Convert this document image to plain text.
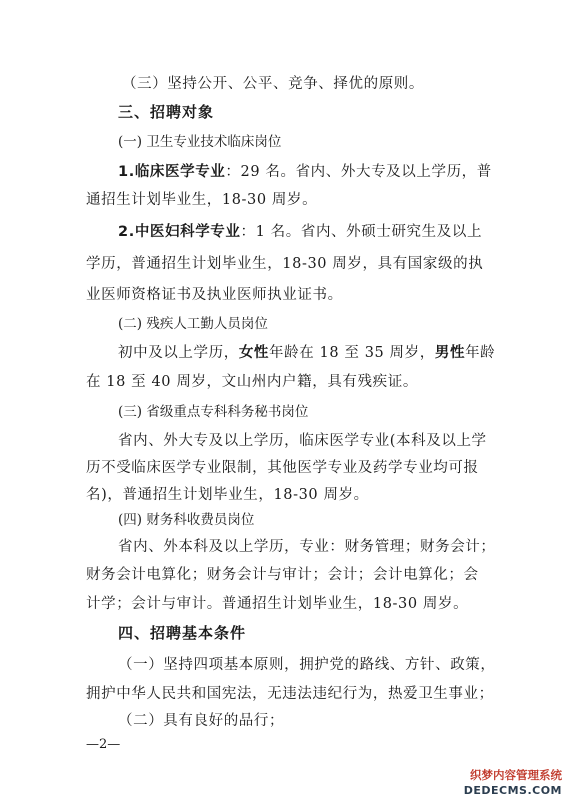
（三）坚持公开、公平、竞争、择优的原则。
三、招聘对象
(一) 卫生专业技术临床岗位
1.临床医学专业：29 名。省内、外大专及以上学历，普
通招生计划毕业生，18-30 周岁。
2.中医妇科学专业：1 名。省内、外硕士研究生及以上
学历，普通招生计划毕业生，18-30 周岁，具有国家级的执
业医师资格证书及执业医师执业证书。
(二) 残疾人工勤人员岗位
初中及以上学历，女性年龄在 18 至 35 周岁，男性年龄
在 18 至 40 周岁，文山州内户籍，具有残疾证。
(三) 省级重点专科科务秘书岗位
省内、外大专及以上学历，临床医学专业(本科及以上学
历不受临床医学专业限制，其他医学专业及药学专业均可报
名)，普通招生计划毕业生，18-30 周岁。
(四) 财务科收费员岗位
省内、外本科及以上学历，专业：财务管理；财务会计；
财务会计电算化；财务会计与审计；会计；会计电算化；会
计学；会计与审计。普通招生计划毕业生，18-30 周岁。
四、招聘基本条件
（一）坚持四项基本原则，拥护党的路线、方针、政策，
拥护中华人民共和国宪法，无违法违纪行为，热爱卫生事业；
（二）具有良好的品行；
—2—
织梦内容管理系统
DEDECMS.COM
